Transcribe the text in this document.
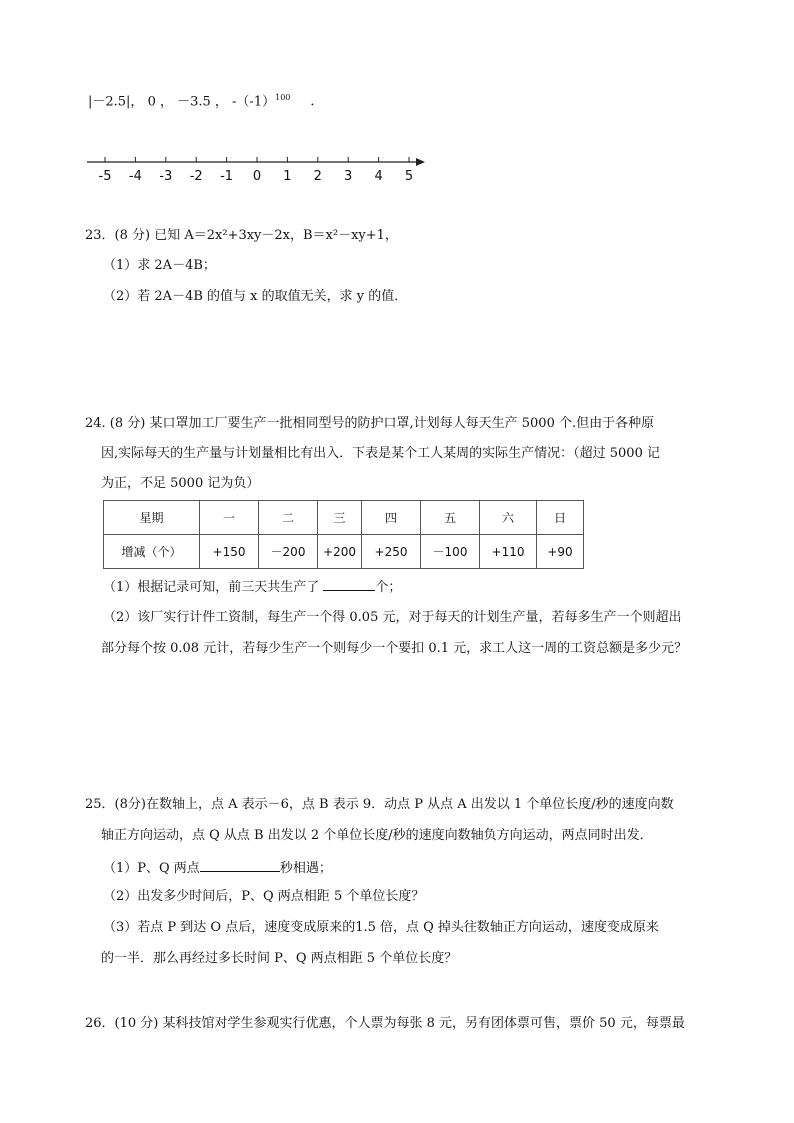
|－2.5|， 0 ， －3.5 ， $-(-1)^{100}$ ．
-5 -4 -3 -2 -1 0 1 2 3 4 5
23．(8 分) 已知 A＝2x²+3xy－2x，B＝x²－xy+1，
（1）求 2A－4B；
（2）若 2A－4B 的值与 x 的取值无关，求 y 的值．
24. (8 分) 某口罩加工厂要生产一批相同型号的防护口罩,计划每人每天生产 5000 个.但由于各种原
因,实际每天的生产量与计划量相比有出入．下表是某个工人某周的实际生产情况：（超过 5000 记
为正，不足 5000 记为负）
星期	一	二	三	四	五	六	日
增减（个）	+150	－200	+200	+250	－100	+110	+90
（1）根据记录可知，前三天共生产了	个；
（2）该厂实行计件工资制，每生产一个得 0.05 元，对于每天的计划生产量，若每多生产一个则超出
部分每个按 0.08 元计，若每少生产一个则每少一个要扣 0.1 元，求工人这一周的工资总额是多少元？
25．(8分)在数轴上，点 A 表示－6，点 B 表示 9．动点 P 从点 A 出发以 1 个单位长度/秒的速度向数
轴正方向运动，点 Q 从点 B 出发以 2 个单位长度/秒的速度向数轴负方向运动，两点同时出发．
（1）P、Q 两点	秒相遇；
（2）出发多少时间后，P、Q 两点相距 5 个单位长度？
（3）若点 P 到达 O 点后，速度变成原来的1.5 倍，点 Q 掉头往数轴正方向运动，速度变成原来
的一半．那么再经过多长时间 P、Q 两点相距 5 个单位长度？
26．(10 分) 某科技馆对学生参观实行优惠，个人票为每张 8 元，另有团体票可售，票价 50 元，每票最
